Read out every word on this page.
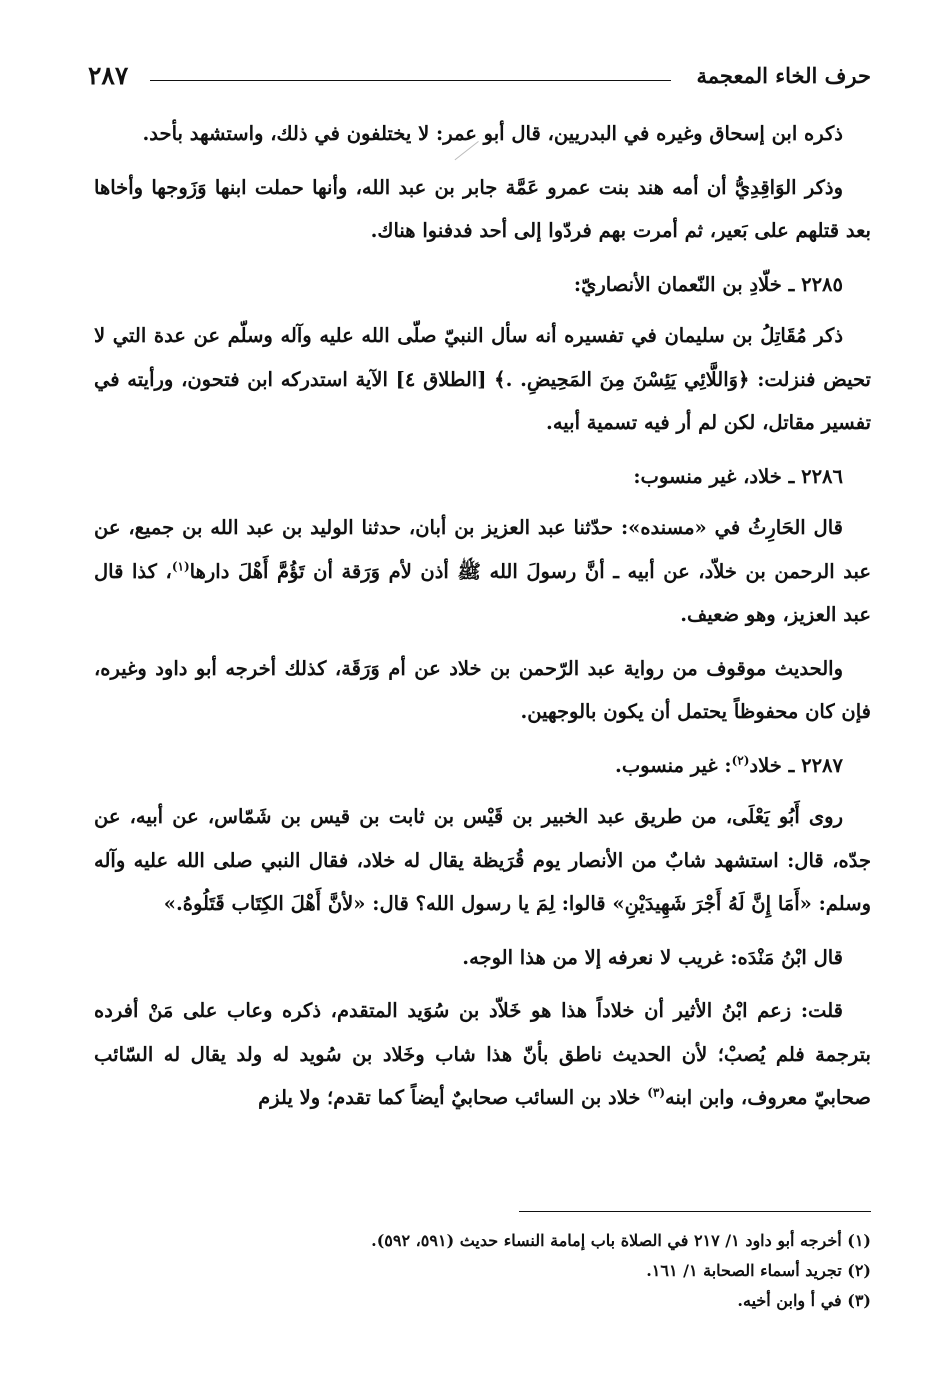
حرف الخاء المعجمة
٢٨٧

ذكره ابن إسحاق وغيره في البدريين، قال أبو عمر: لا يختلفون في ذلك، واستشهد بأحد.

وذكر الوَاقِدِيُّ أن أمه هند بنت عمرو عَمَّة جابر بن عبد الله، وأنها حملت ابنها وَزَوجها وأخاها بعد قتلهم على بَعير، ثم أمرت بهم فردّوا إلى أحد فدفنوا هناك.

٢٢٨٥ ـ خلّادِ بن النّعمان الأنصاريّ:

ذكر مُقَاتِلُ بن سليمان في تفسيره أنه سأل النبيّ صلّى الله عليه وآله وسلّم عن عدة التي لا تحيض فنزلت: ﴿وَاللَّائِي يَئِسْنَ مِنَ المَحِيضِ. .﴾ [الطلاق ٤] الآية استدركه ابن فتحون، ورأيته في تفسير مقاتل، لكن لم أر فيه تسمية أبيه.

٢٢٨٦ ـ خلاد، غير منسوب:

قال الحَارِثُ في «مسنده»: حدّثنا عبد العزيز بن أبان، حدثنا الوليد بن عبد الله بن جميع، عن عبد الرحمن بن خلاّد، عن أبيه ـ أنَّ رسولَ الله ﷺ أذن لأم وَرَقة أن تَؤُمَّ أَهْلَ دارها$^{(١)}$، كذا قال عبد العزيز، وهو ضعيف.

والحديث موقوف من رواية عبد الرّحمن بن خلاد عن أم وَرَقَة، كذلك أخرجه أبو داود وغيره، فإن كان محفوظاً يحتمل أن يكون بالوجهين.

٢٢٨٧ ـ خلاد$^{(٢)}$: غير منسوب.

روى أَبُو يَعْلَى، من طريق عبد الخبير بن قَيْس بن ثابت بن قيس بن شَمّاس، عن أبيه، عن جدّه، قال: استشهد شابٌ من الأنصار يوم قُرَيظة يقال له خلاد، فقال النبي صلى الله عليه وآله وسلم: «أَمَا إِنَّ لَهُ أَجْرَ شَهِيدَيْنِ» قالوا: لِمَ يا رسول الله؟ قال: «لأنَّ أَهْلَ الكِتَاب قَتَلُوهُ.»

قال ابْنُ مَنْدَه: غريب لا نعرفه إلا من هذا الوجه.

قلت: زعم ابْنُ الأثير أن خلاداً هذا هو خَلاّد بن سُوَيد المتقدم، ذكره وعاب على مَنْ أفرده بترجمة فلم يُصبْ؛ لأن الحديث ناطق بأنّ هذا شاب وخَلاد بن سُويد له ولد يقال له السّائب صحابيّ معروف، وابن ابنه$^{(٣)}$ خلاد بن السائب صحابيٌ أيضاً كما تقدم؛ ولا يلزم

(١) أخرجه أبو داود ١/ ٢١٧ في الصلاة باب إمامة النساء حديث (٥٩١، ٥٩٢).

(٢) تجريد أسماء الصحابة ١/ ١٦١.

(٣) في أ وابن أخيه.
